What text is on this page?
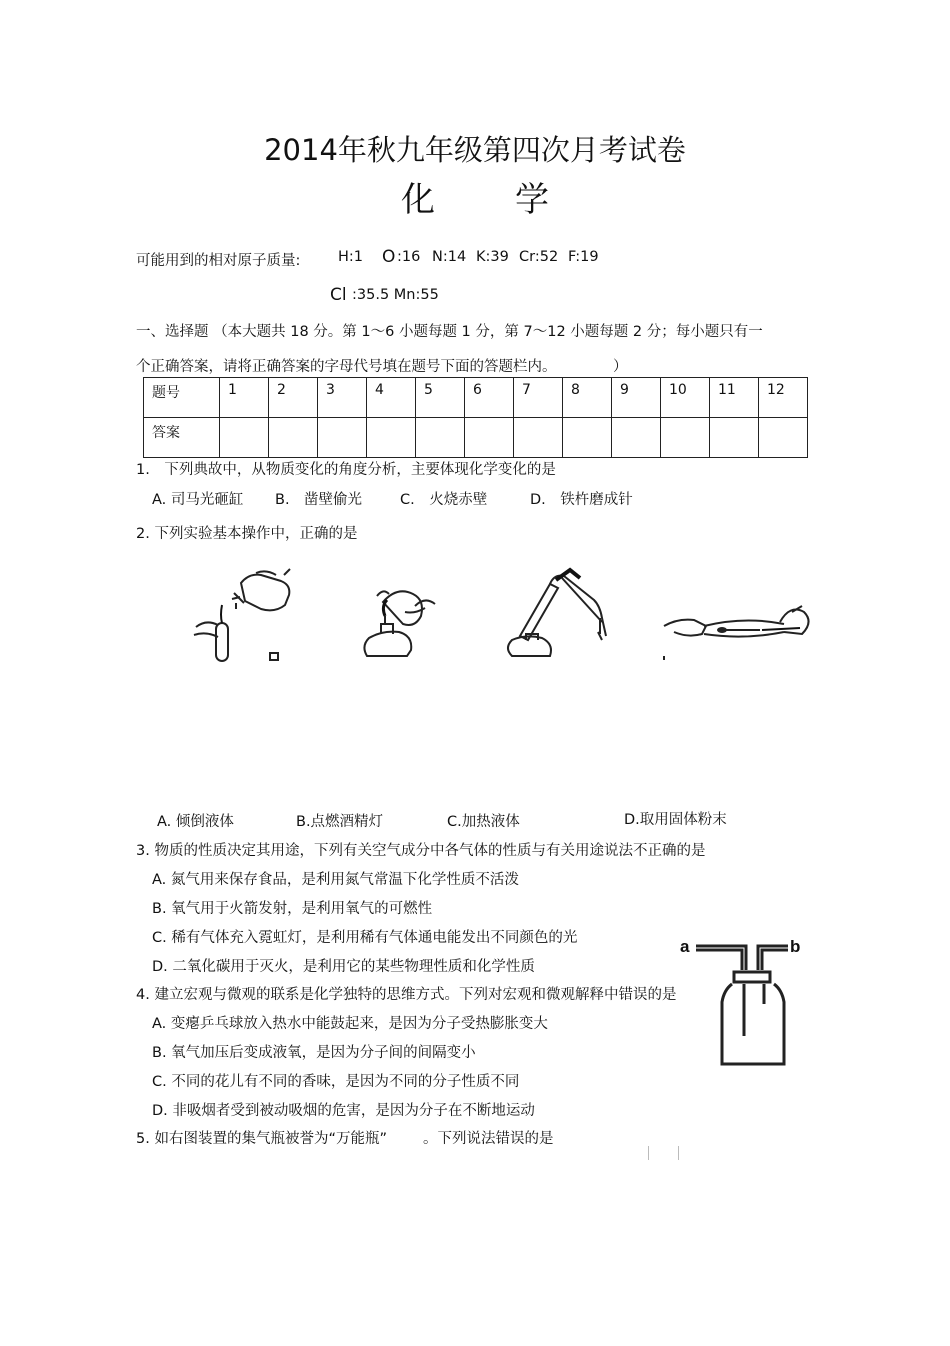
2014年秋九年级第四次月考试卷
化 学
可能用到的相对原子质量:	H:1 O :16 N:14 K:39 Cr:52 F:19
Cl :35.5 Mn:55
一、选择题 （本大题共 18 分。第 1～6 小题每题 1 分，第 7～12 小题每题 2 分；每小题只有一
个正确答案，请将正确答案的字母代号填在题号下面的答题栏内。	）
题号	1	2	3	4	5	6	7	8	9	10	11	12
答案												
1.　下列典故中，从物质变化的角度分析，主要体现化学变化的是
A. 司马光砸缸 B.　凿壁偷光	C.　火烧赤壁	D.　铁杵磨成针
2. 下列实验基本操作中，正确的是
A. 倾倒液体	B.点燃酒精灯	C.加热液体	D.取用固体粉末
3. 物质的性质决定其用途，下列有关空气成分中各气体的性质与有关用途说法不正确的是
A. 氮气用来保存食品，是利用氮气常温下化学性质不活泼
B. 氧气用于火箭发射，是利用氧气的可燃性
C. 稀有气体充入霓虹灯，是利用稀有气体通电能发出不同颜色的光
D. 二氧化碳用于灭火，是利用它的某些物理性质和化学性质
a	b
4. 建立宏观与微观的联系是化学独特的思维方式。下列对宏观和微观解释中错误的是
A. 变瘪乒乓球放入热水中能鼓起来，是因为分子受热膨胀变大
B. 氧气加压后变成液氧，是因为分子间的间隔变小
C. 不同的花儿有不同的香味，是因为不同的分子性质不同
D. 非吸烟者受到被动吸烟的危害，是因为分子在不断地运动
5. 如右图装置的集气瓶被誉为“万能瓶” 。下列说法错误的是
